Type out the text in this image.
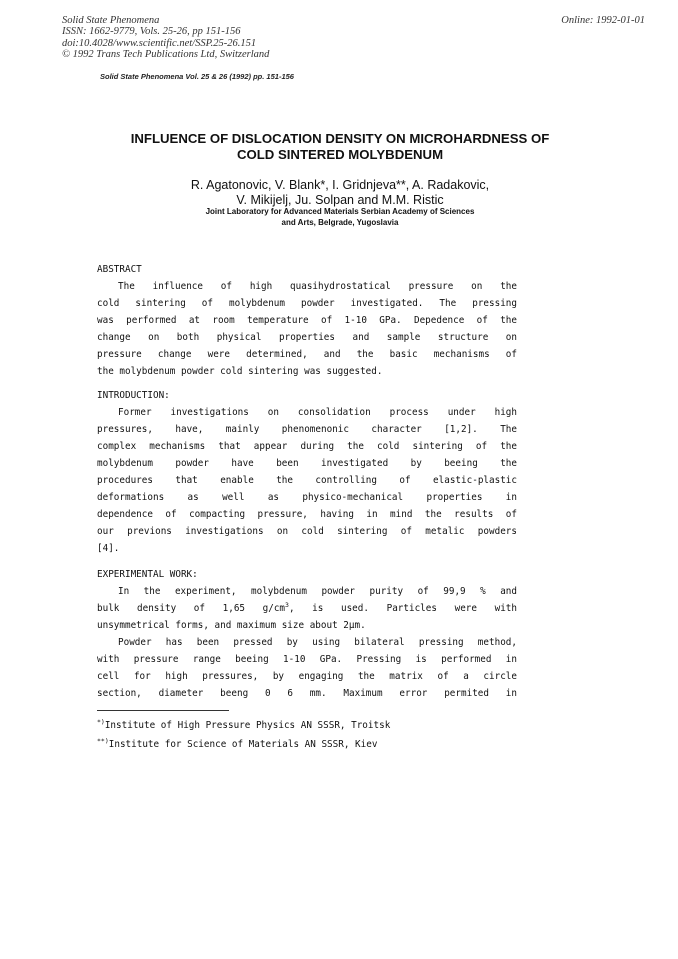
Solid State Phenomena
ISSN: 1662-9779, Vols. 25-26, pp 151-156
doi:10.4028/www.scientific.net/SSP.25-26.151
© 1992 Trans Tech Publications Ltd, Switzerland
Online: 1992-01-01
Solid State Phenomena Vol. 25 & 26 (1992) pp. 151-156
INFLUENCE OF DISLOCATION DENSITY ON MICROHARDNESS OF
COLD SINTERED MOLYBDENUM
R. Agatonovic, V. Blank*, I. Gridnjeva**, A. Radakovic,
V. Mikijelj, Ju. Solpan and M.M. Ristic
Joint Laboratory for Advanced Materials Serbian Academy of Sciences
and Arts, Belgrade, Yugoslavia
ABSTRACT
The influence of high quasihydrostatical pressure on the
cold sintering of molybdenum powder investigated. The pressing
was performed at room temperature of 1-10 GPa. Depedence of the
change on both physical properties and sample structure on
pressure change were determined, and the basic mechanisms of
the molybdenum powder cold sintering was suggested.
INTRODUCTION:
Former investigations on consolidation process under high
pressures, have, mainly phenomenonic character [1,2]. The
complex mechanisms that appear during the cold sintering of the
molybdenum powder have been investigated by beeing the
procedures that enable the controlling of elastic-plastic
deformations as well as physico-mechanical properties in
dependence of compacting pressure, having in mind the results of
our previons investigations on cold sintering of metalic powders
[4].
EXPERIMENTAL WORK:
In the experiment, molybdenum powder purity of 99,9 % and
bulk density of 1,65 $g/cm^3$, is used. Particles were with
unsymmetrical forms, and maximum size about 2μm.
Powder has been pressed by using bilateral pressing method,
with pressure range beeing 1-10 GPa. Pressing is performed in
cell for high pressures, by engaging the matrix of a circle
section, diameter beeng 0 6 mm. Maximum error permited in
*)Institute of High Pressure Physics AN SSSR, Troitsk
**)Institute for Science of Materials AN SSSR, Kiev
